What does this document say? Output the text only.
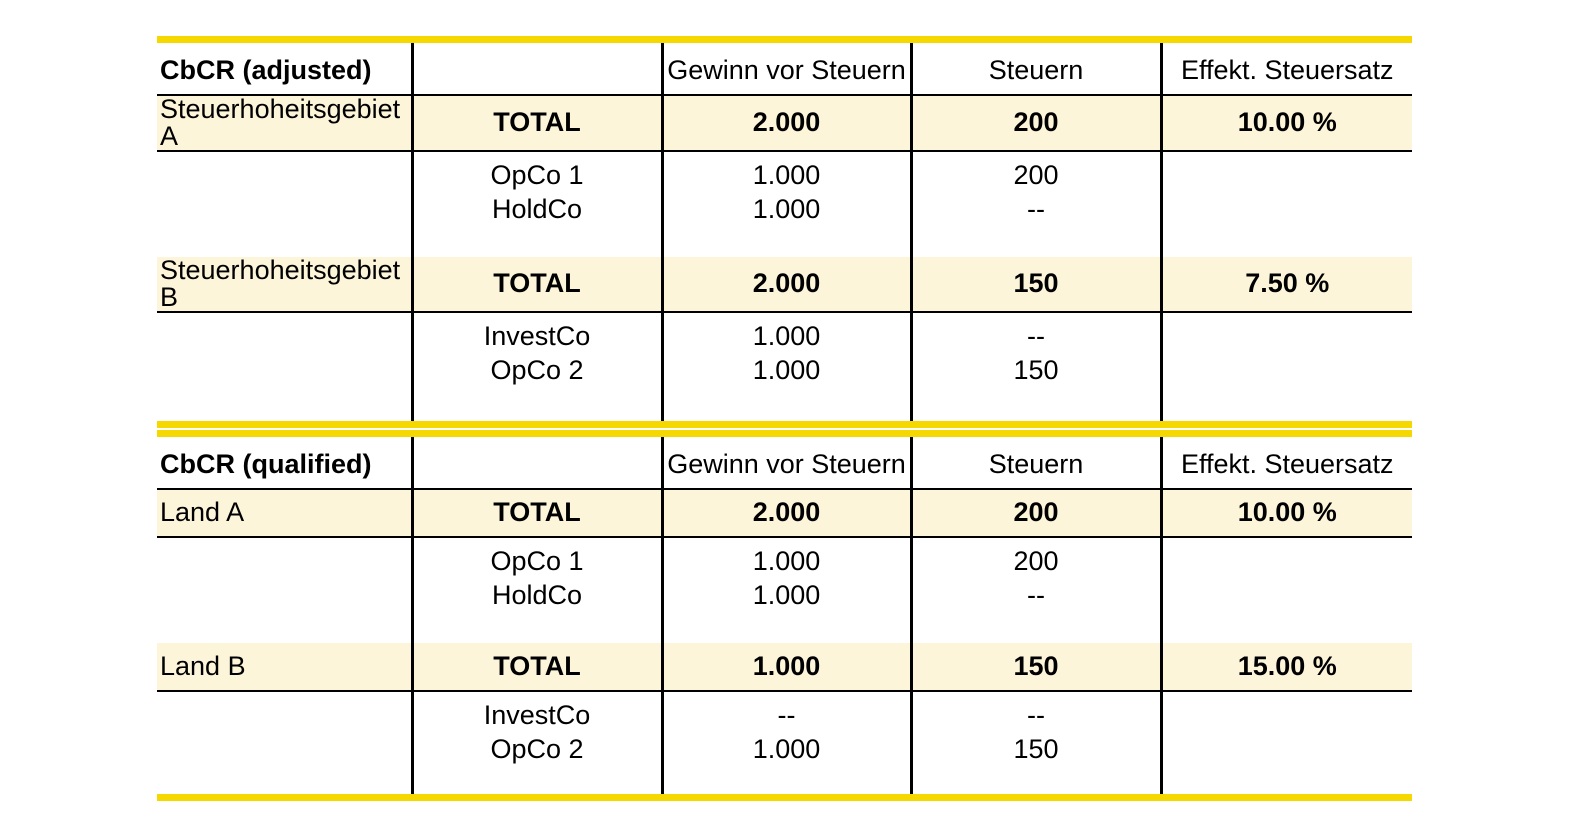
CbCR (adjusted)		Gewinn vor Steuern	Steuern	Effekt. Steuersatz
Steuerhoheitsgebiet A	TOTAL	2.000	200	10.00 %
	OpCo 1	1.000	200	
	HoldCo	1.000	--	

Steuerhoheitsgebiet B	TOTAL	2.000	150	7.50 %
	InvestCo	1.000	--	
	OpCo 2	1.000	150	

CbCR (qualified)		Gewinn vor Steuern	Steuern	Effekt. Steuersatz
Land A	TOTAL	2.000	200	10.00 %
	OpCo 1	1.000	200	
	HoldCo	1.000	--	

Land B	TOTAL	1.000	150	15.00 %
	InvestCo	--	--	
	OpCo 2	1.000	150	
